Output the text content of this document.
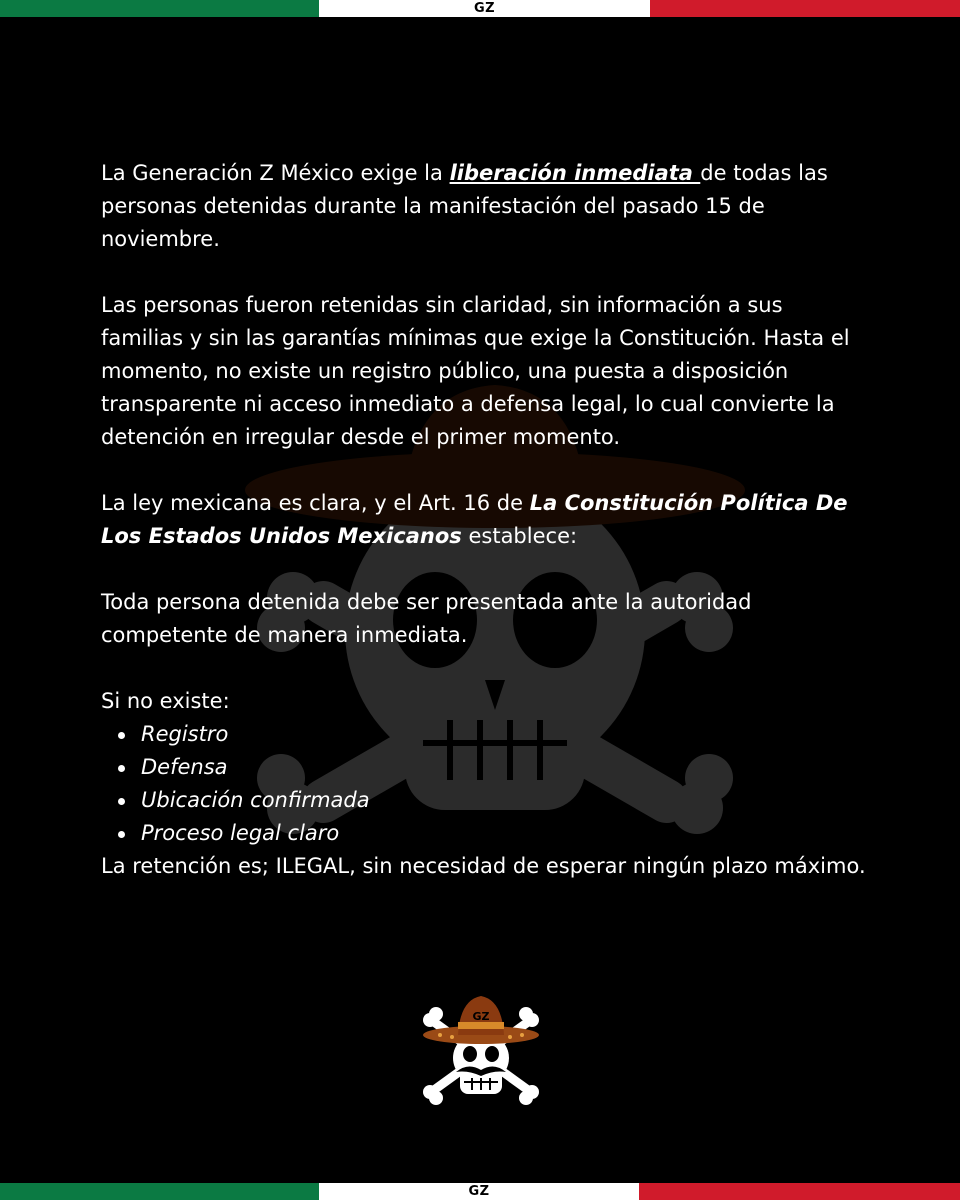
GZ

La Generación Z México exige la liberación inmediata de todas las personas detenidas durante la manifestación del pasado 15 de noviembre.

Las personas fueron retenidas sin claridad, sin información a sus familias y sin las garantías mínimas que exige la Constitución. Hasta el momento, no existe un registro público, una puesta a disposición transparente ni acceso inmediato a defensa legal, lo cual convierte la detención en irregular desde el primer momento.

La ley mexicana es clara, y el Art. 16 de La Constitución Política De Los Estados Unidos Mexicanos establece:

Toda persona detenida debe ser presentada ante la autoridad competente de manera inmediata.

Si no existe:

Registro
Defensa
Ubicación confirmada
Proceso legal claro

La retención es; ILEGAL, sin necesidad de esperar ningún plazo máximo.

GZ
GZ
